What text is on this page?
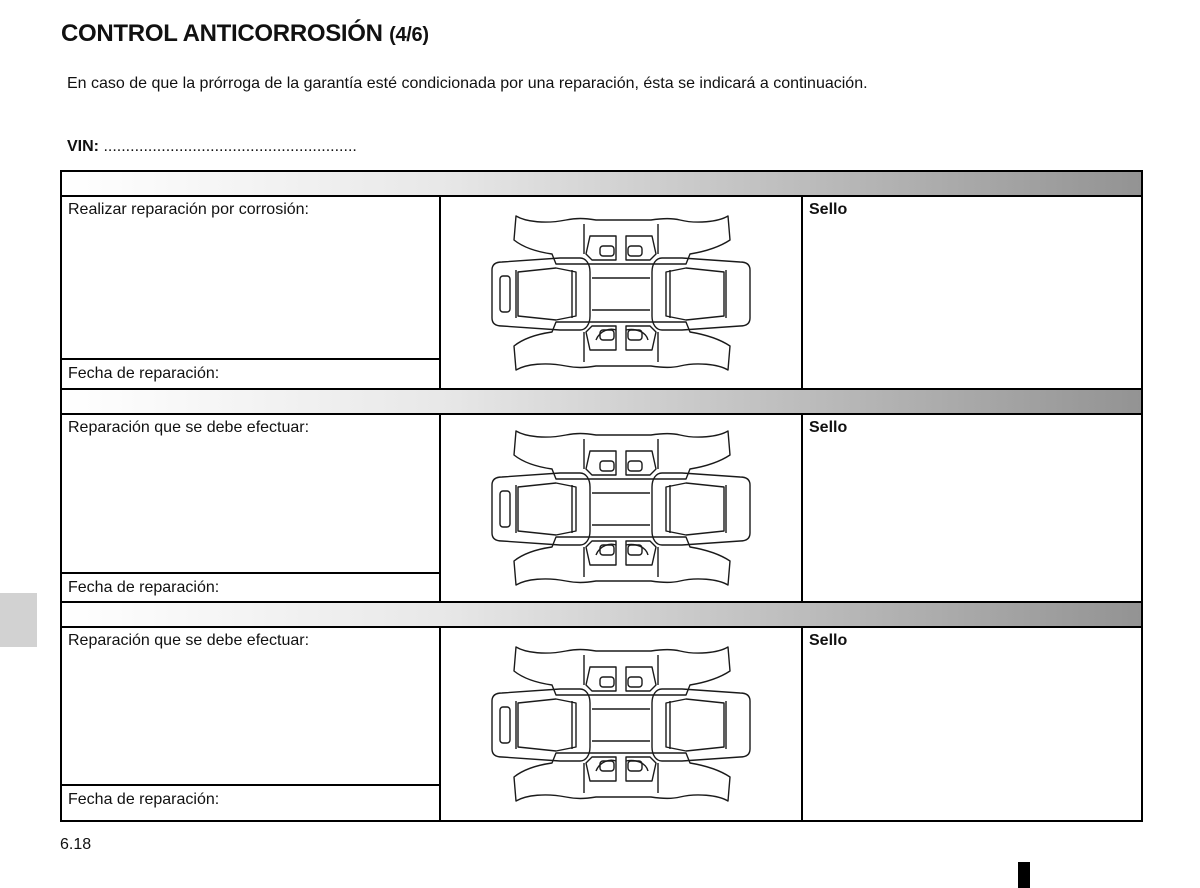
CONTROL ANTICORROSIÓN (4/6)

En caso de que la prórroga de la garantía esté condicionada por una reparación, ésta se indicará a continuación.

VIN: .........................................................

Realizar reparación por corrosión:		Sello

Fecha de reparación:		

Reparación que se debe efectuar:		Sello

Fecha de reparación:		

Reparación que se debe efectuar:		Sello

Fecha de reparación:		
6.18
